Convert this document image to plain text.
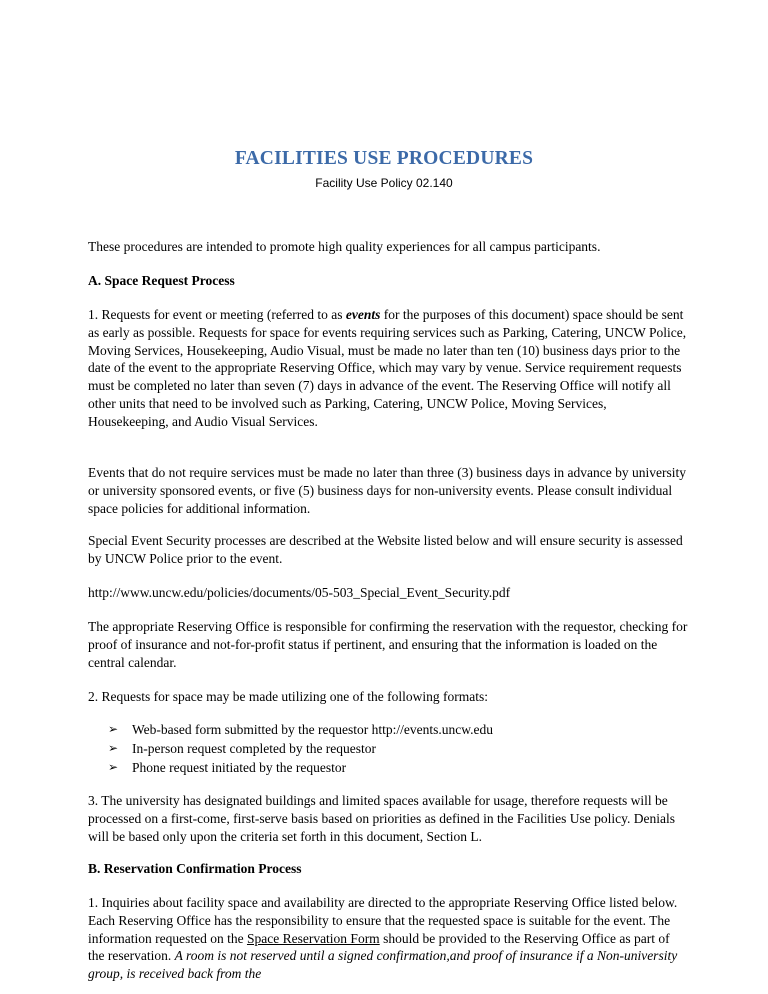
FACILITIES USE PROCEDURES
Facility Use Policy 02.140
These procedures are intended to promote high quality experiences for all campus participants.
A. Space Request Process
1. Requests for event or meeting (referred to as events for the purposes of this document) space should be sent as early as possible. Requests for space for events requiring services such as Parking, Catering, UNCW Police, Moving Services, Housekeeping, Audio Visual, must be made no later than ten (10) business days prior to the date of the event to the appropriate Reserving Office, which may vary by venue. Service requirement requests must be completed no later than seven (7) days in advance of the event. The Reserving Office will notify all other units that need to be involved such as Parking, Catering, UNCW Police, Moving Services, Housekeeping, and Audio Visual Services.
Events that do not require services must be made no later than three (3) business days in advance by university or university sponsored events, or five (5) business days for non-university events. Please consult individual space policies for additional information.
Special Event Security processes are described at the Website listed below and will ensure security is assessed by UNCW Police prior to the event.
http://www.uncw.edu/policies/documents/05-503_Special_Event_Security.pdf
The appropriate Reserving Office is responsible for confirming the reservation with the requestor, checking for proof of insurance and not-for-profit status if pertinent, and ensuring that the information is loaded on the central calendar.
2. Requests for space may be made utilizing one of the following formats:
➢ Web-based form submitted by the requestor http://events.uncw.edu
➢ In-person request completed by the requestor
➢ Phone request initiated by the requestor
3. The university has designated buildings and limited spaces available for usage, therefore requests will be processed on a first-come, first-serve basis based on priorities as defined in the Facilities Use policy. Denials will be based only upon the criteria set forth in this document, Section L.
B. Reservation Confirmation Process
1. Inquiries about facility space and availability are directed to the appropriate Reserving Office listed below. Each Reserving Office has the responsibility to ensure that the requested space is suitable for the event. The information requested on the Space Reservation Form should be provided to the Reserving Office as part of the reservation. A room is not reserved until a signed confirmation,and proof of insurance if a Non-university group, is received back from the
